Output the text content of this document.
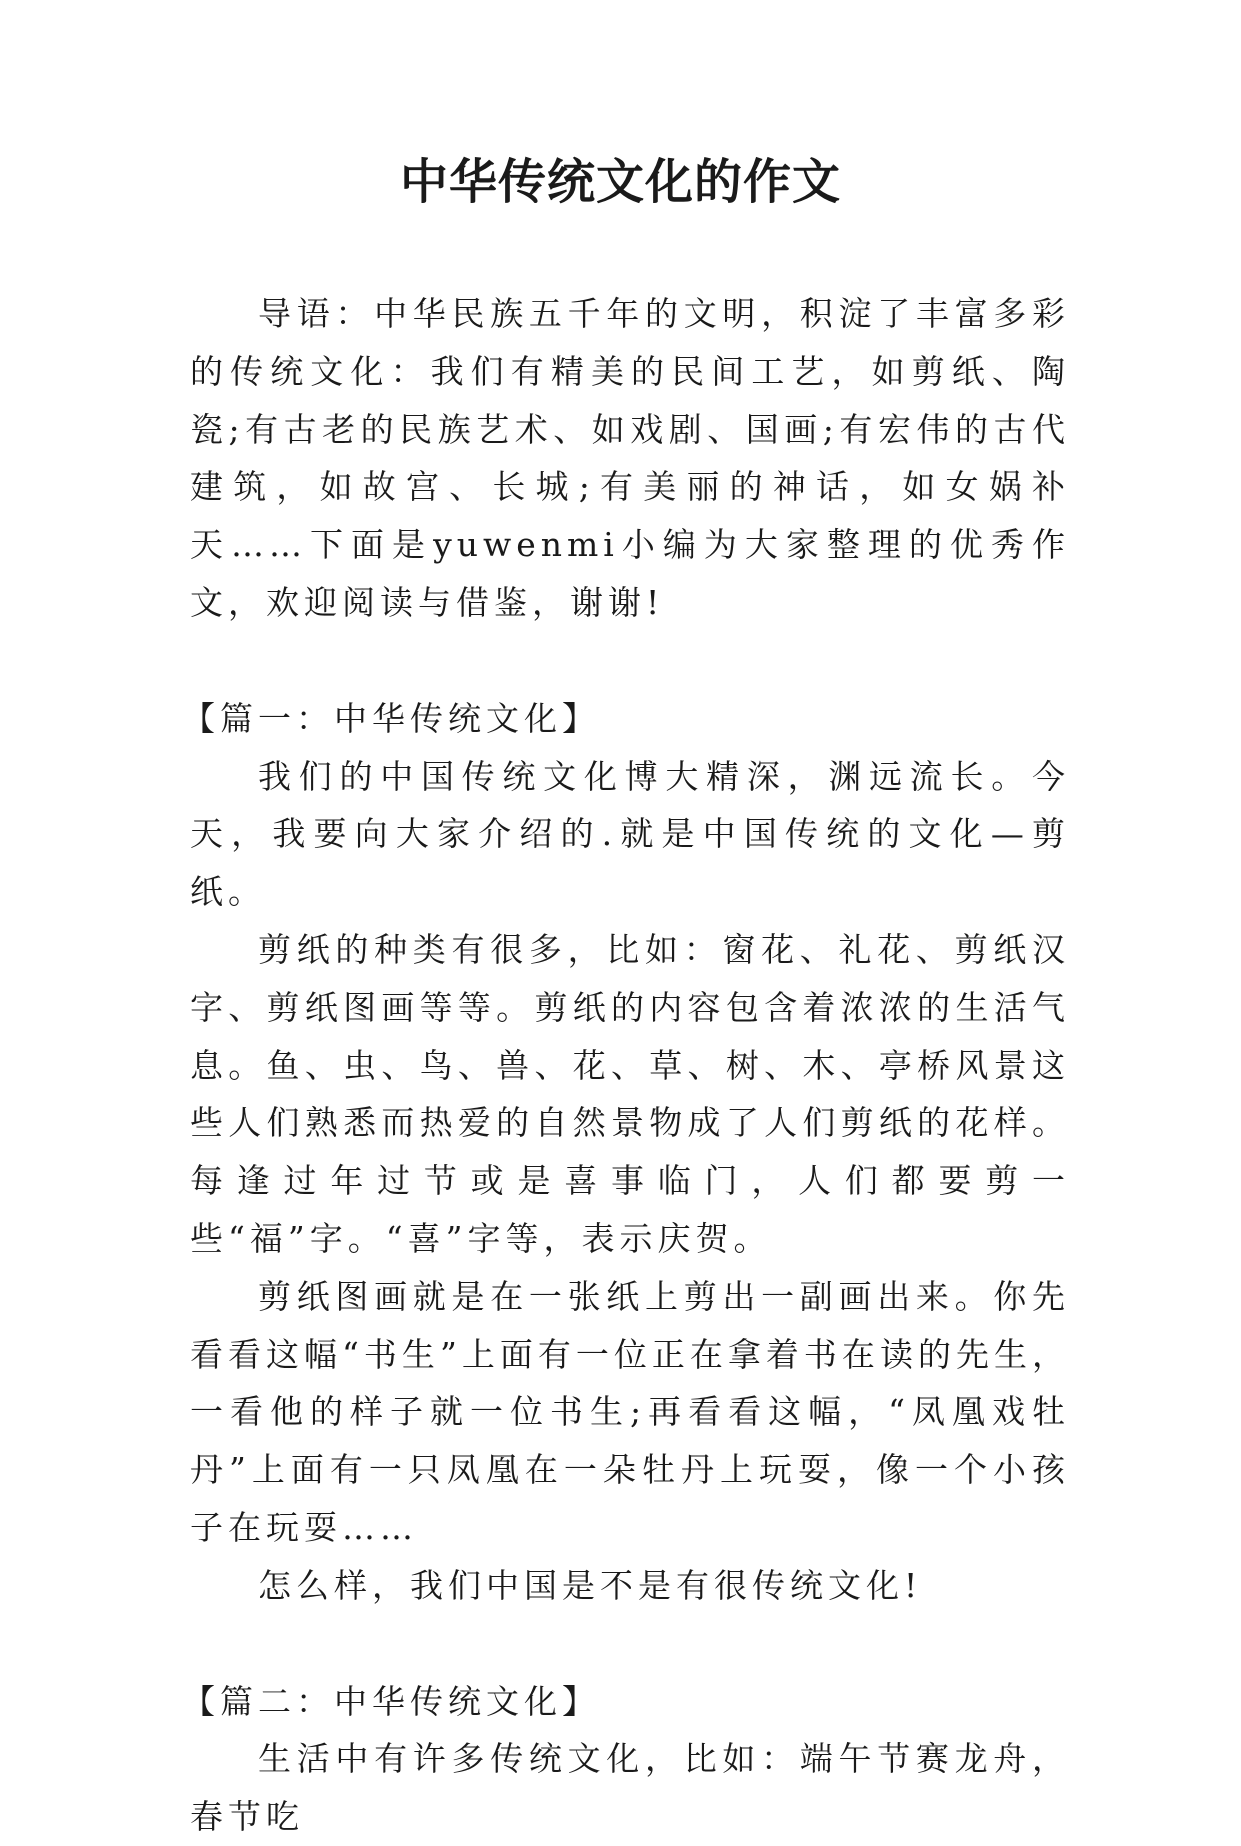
中华传统文化的作文

导语：中华民族五千年的文明，积淀了丰富多彩的传统文化：我们有精美的民间工艺，如剪纸、陶瓷;有古老的民族艺术、如戏剧、国画;有宏伟的古代建筑，如故宫、长城;有美丽的神话，如女娲补天……下面是yuwenmi小编为大家整理的优秀作文，欢迎阅读与借鉴，谢谢!

【篇一：中华传统文化】

我们的中国传统文化博大精深，渊远流长。今天，我要向大家介绍的.就是中国传统的文化—剪纸。

剪纸的种类有很多，比如：窗花、礼花、剪纸汉字、剪纸图画等等。剪纸的内容包含着浓浓的生活气息。鱼、虫、鸟、兽、花、草、树、木、亭桥风景这些人们熟悉而热爱的自然景物成了人们剪纸的花样。每逢过年过节或是喜事临门，人们都要剪一些“福”字。“喜”字等，表示庆贺。

剪纸图画就是在一张纸上剪出一副画出来。你先看看这幅“书生”上面有一位正在拿着书在读的先生，一看他的样子就一位书生;再看看这幅，“凤凰戏牡丹”上面有一只凤凰在一朵牡丹上玩耍，像一个小孩子在玩耍……

怎么样，我们中国是不是有很传统文化!

【篇二：中华传统文化】

生活中有许多传统文化，比如：端午节赛龙舟，春节吃
